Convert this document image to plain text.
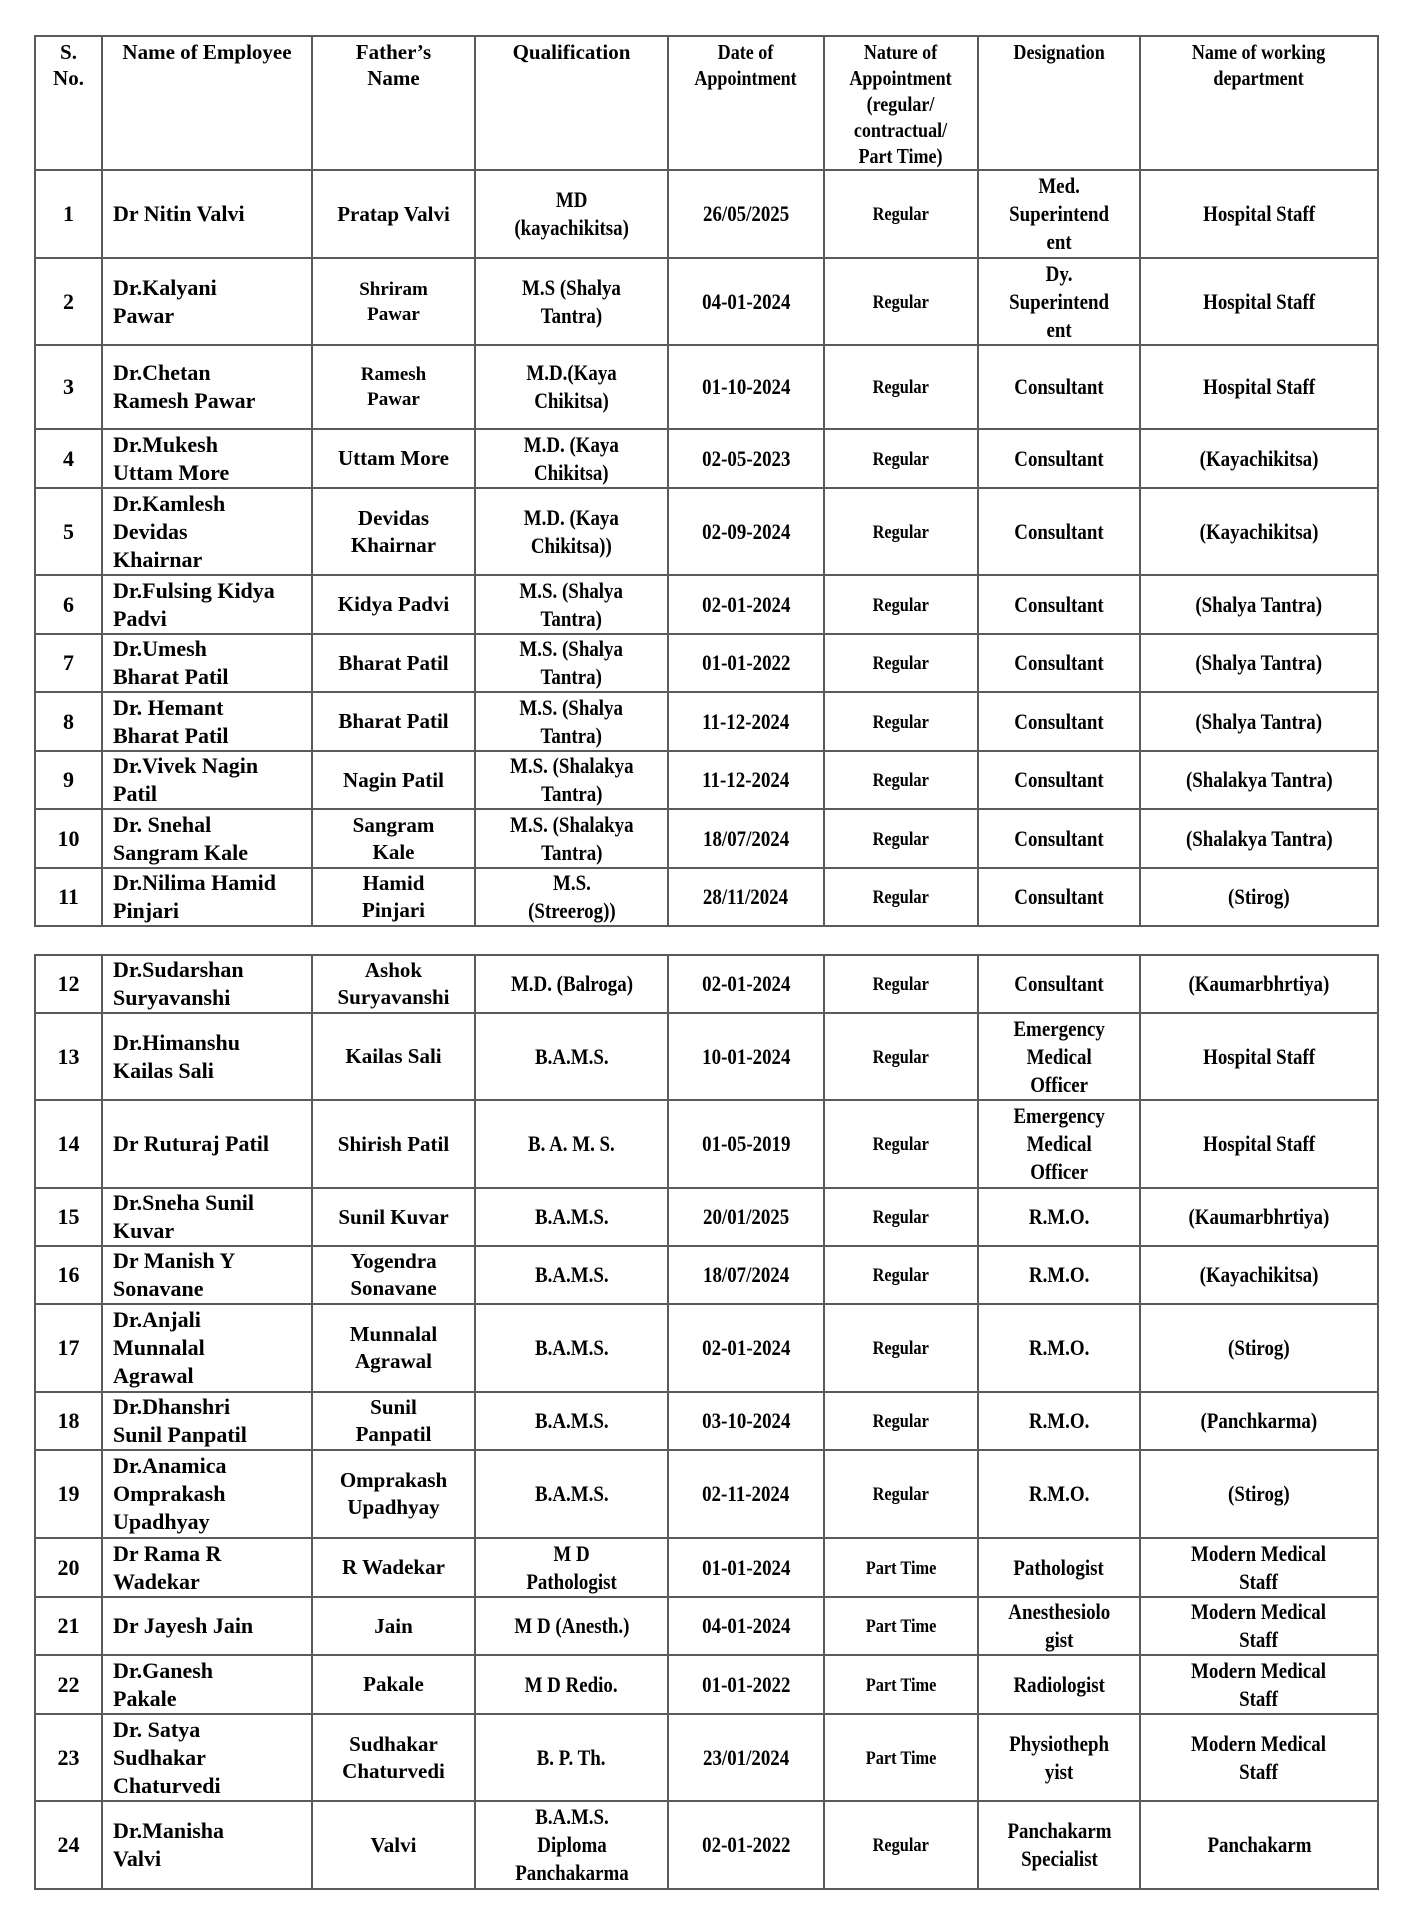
S.
No.	Name of Employee	Father’s
Name	Qualification	Date of
Appointment	Nature of
Appointment
(regular/
contractual/
Part Time)	Designation	Name of working
department
1	Dr Nitin Valvi	Pratap Valvi	MD
(kayachikitsa)	26/05/2025	Regular	Med.
Superintend
ent	Hospital Staff
2	Dr.Kalyani
Pawar	Shriram
Pawar	M.S (Shalya
Tantra)	04-01-2024	Regular	Dy.
Superintend
ent	Hospital Staff
3	Dr.Chetan
Ramesh Pawar	Ramesh
Pawar	M.D.(Kaya
Chikitsa)	01-10-2024	Regular	Consultant	Hospital Staff
4	Dr.Mukesh
Uttam More	Uttam More	M.D. (Kaya
Chikitsa)	02-05-2023	Regular	Consultant	(Kayachikitsa)
5	Dr.Kamlesh
Devidas
Khairnar	Devidas
Khairnar	M.D. (Kaya
Chikitsa))	02-09-2024	Regular	Consultant	(Kayachikitsa)
6	Dr.Fulsing Kidya
Padvi	Kidya Padvi	M.S. (Shalya
Tantra)	02-01-2024	Regular	Consultant	(Shalya Tantra)
7	Dr.Umesh
Bharat Patil	Bharat Patil	M.S. (Shalya
Tantra)	01-01-2022	Regular	Consultant	(Shalya Tantra)
8	Dr. Hemant
Bharat Patil	Bharat Patil	M.S. (Shalya
Tantra)	11-12-2024	Regular	Consultant	(Shalya Tantra)
9	Dr.Vivek Nagin
Patil	Nagin Patil	M.S. (Shalakya
Tantra)	11-12-2024	Regular	Consultant	(Shalakya Tantra)
10	Dr. Snehal
Sangram Kale	Sangram
Kale	M.S. (Shalakya
Tantra)	18/07/2024	Regular	Consultant	(Shalakya Tantra)
11	Dr.Nilima Hamid
Pinjari	Hamid
Pinjari	M.S.
(Streerog))	28/11/2024	Regular	Consultant	(Stirog)
12	Dr.Sudarshan
Suryavanshi	Ashok
Suryavanshi	M.D. (Balroga)	02-01-2024	Regular	Consultant	(Kaumarbhrtiya)
13	Dr.Himanshu
Kailas Sali	Kailas Sali	B.A.M.S.	10-01-2024	Regular	Emergency
Medical
Officer	Hospital Staff
14	Dr Ruturaj Patil	Shirish Patil	B. A. M. S.	01-05-2019	Regular	Emergency
Medical
Officer	Hospital Staff
15	Dr.Sneha Sunil
Kuvar	Sunil Kuvar	B.A.M.S.	20/01/2025	Regular	R.M.O.	(Kaumarbhrtiya)
16	Dr Manish Y
Sonavane	Yogendra
Sonavane	B.A.M.S.	18/07/2024	Regular	R.M.O.	(Kayachikitsa)
17	Dr.Anjali
Munnalal
Agrawal	Munnalal
Agrawal	B.A.M.S.	02-01-2024	Regular	R.M.O.	(Stirog)
18	Dr.Dhanshri
Sunil Panpatil	Sunil
Panpatil	B.A.M.S.	03-10-2024	Regular	R.M.O.	(Panchkarma)
19	Dr.Anamica
Omprakash
Upadhyay	Omprakash
Upadhyay	B.A.M.S.	02-11-2024	Regular	R.M.O.	(Stirog)
20	Dr Rama R
Wadekar	R Wadekar	M D
Pathologist	01-01-2024	Part Time	Pathologist	Modern Medical
Staff
21	Dr Jayesh Jain	Jain	M D (Anesth.)	04-01-2024	Part Time	Anesthesiolo
gist	Modern Medical
Staff
22	Dr.Ganesh
Pakale	Pakale	M D Redio.	01-01-2022	Part Time	Radiologist	Modern Medical
Staff
23	Dr. Satya
Sudhakar
Chaturvedi	Sudhakar
Chaturvedi	B. P. Th.	23/01/2024	Part Time	Physiotheph
yist	Modern Medical
Staff
24	Dr.Manisha
Valvi	Valvi	B.A.M.S.
Diploma
Panchakarma	02-01-2022	Regular	Panchakarm
Specialist	Panchakarm
